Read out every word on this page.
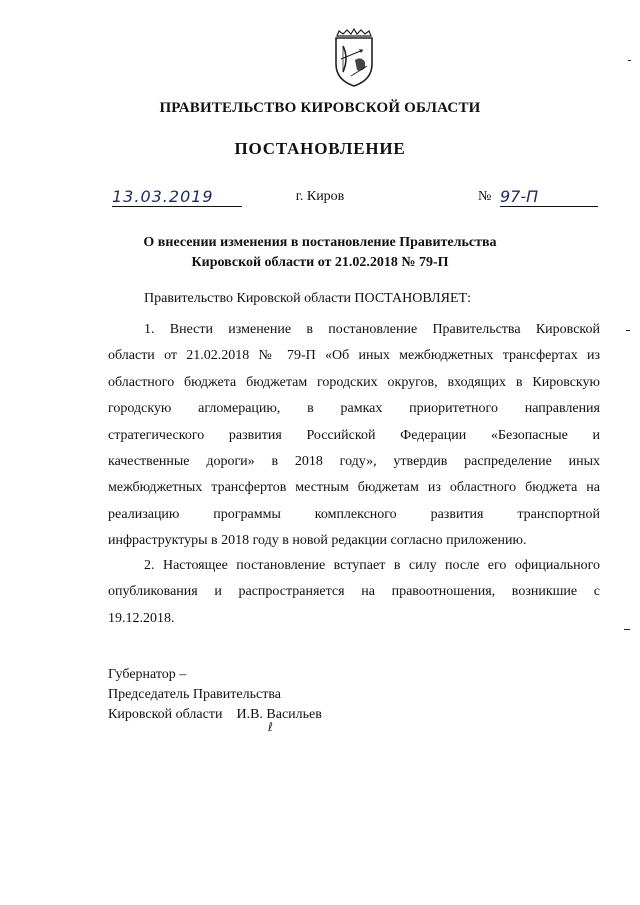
ПРАВИТЕЛЬСТВО КИРОВСКОЙ ОБЛАСТИ
ПОСТАНОВЛЕНИЕ
13.03.2019	г. Киров	№ 97-П
О внесении изменения в постановление Правительства
Кировской области от 21.02.2018 № 79-П
Правительство Кировской области ПОСТАНОВЛЯЕТ:
1. Внести изменение в постановление Правительства Кировской
области от 21.02.2018 № 79-П «Об иных межбюджетных трансфертах из
областного бюджета бюджетам городских округов, входящих в Кировскую
городскую агломерацию, в рамках приоритетного направления
стратегического развития Российской Федерации «Безопасные и
качественные дороги» в 2018 году», утвердив распределение иных
межбюджетных трансфертов местным бюджетам из областного бюджета на
реализацию программы комплексного развития транспортной
инфраструктуры в 2018 году в новой редакции согласно приложению.
2. Настоящее постановление вступает в силу после его официального
опубликования и распространяется на правоотношения, возникшие с
19.12.2018.
Губернатор –
Председатель Правительства
Кировской области И.В. Васильев
ℓ
